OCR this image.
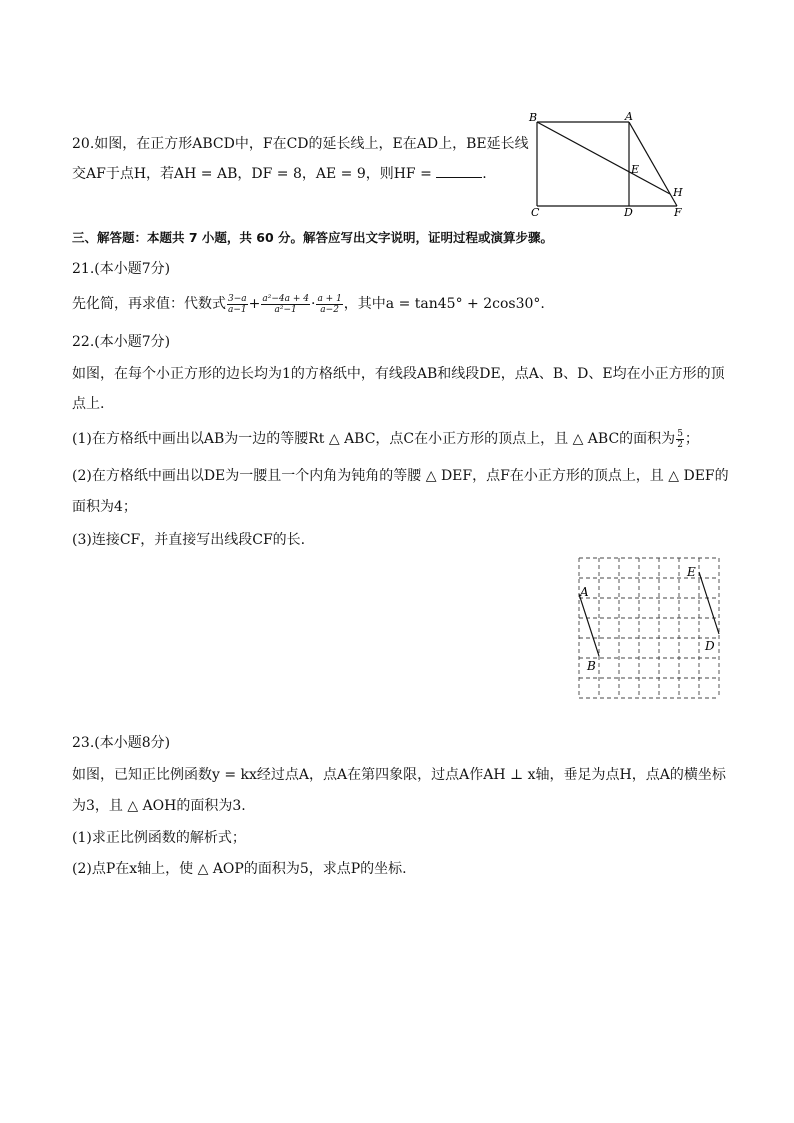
20.如图，在正方形ABCD中，F在CD的延长线上，E在AD上，BE延长线
交AF于点H，若AH = AB，DF = 8，AE = 9，则HF =	.
B	A
E
H
C	D	F
三、解答题：本题共 7 小题，共 60 分。解答应写出文字说明，证明过程或演算步骤。
21.(本小题7分)
先化简，再求值：代数式 $\frac{3-a}{a-1} + \frac{\text{a²−4a + 4}}{\text{a²−1}} \cdot \frac{a + 1}{a-2}$ ，其中a = tan45° + 2cos30°.
22.(本小题7分)
如图，在每个小正方形的边长均为1的方格纸中，有线段AB和线段DE，点A、B、D、E均在小正方形的顶
点上.
(1)在方格纸中画出以AB为一边的等腰Rt △ ABC，点C在小正方形的顶点上，且 △ ABC的面积为 $\frac{5}{2}$ ；
(2)在方格纸中画出以DE为一腰且一个内角为钝角的等腰 △ DEF，点F在小正方形的顶点上，且 △ DEF的
面积为4；
(3)连接CF，并直接写出线段CF的长.
A
B
E
D
23.(本小题8分)
如图，已知正比例函数y = kx经过点A，点A在第四象限，过点A作AH ⊥ x轴，垂足为点H，点A的横坐标
为3，且 △ AOH的面积为3.
(1)求正比例函数的解析式；
(2)点P在x轴上，使 △ AOP的面积为5，求点P的坐标.
